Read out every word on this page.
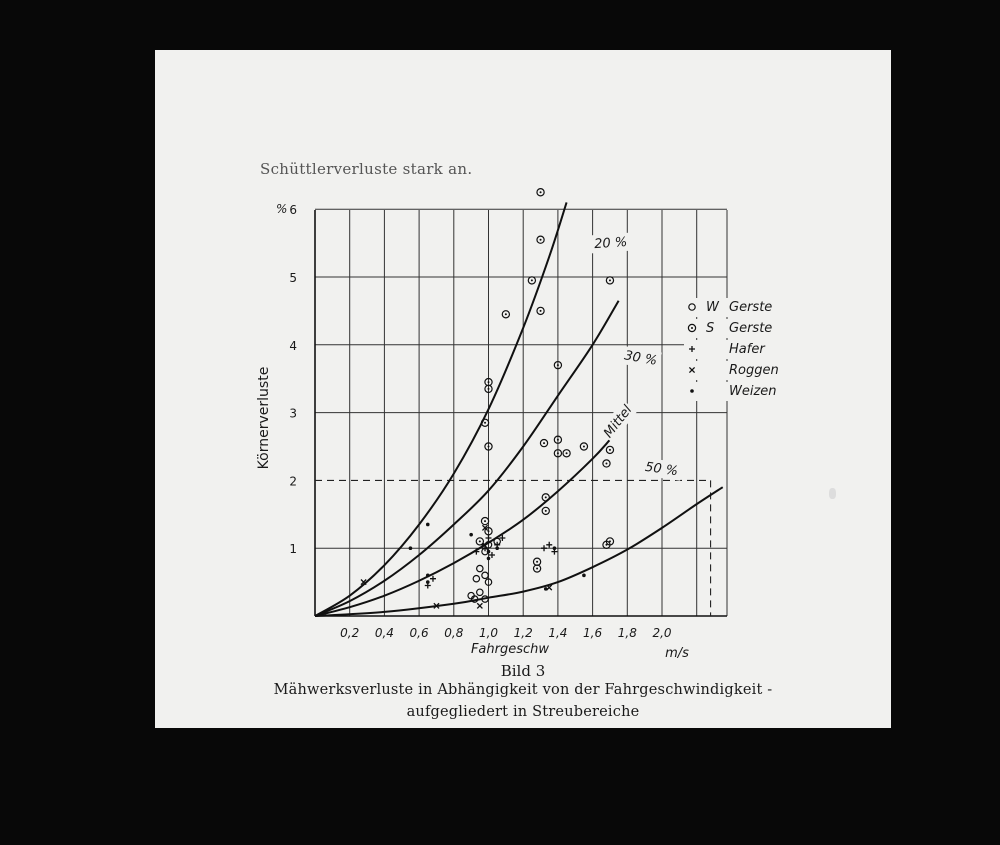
Schüttlerverluste stark an.
0,2 0,4 0,6 0,8 1,0 1,2 1,4 1,6 1,8 2,0
1
2
3
4
5
6
%
Fahrgeschw	m/s
Körnerverluste
20 %
30 %
Mittel
50 %
W Gerste
S Gerste
Hafer
Roggen
Weizen
Bild 3
Mähwerksverluste in Abhängigkeit von der Fahrgeschwindigkeit -
aufgegliedert in Streubereiche
